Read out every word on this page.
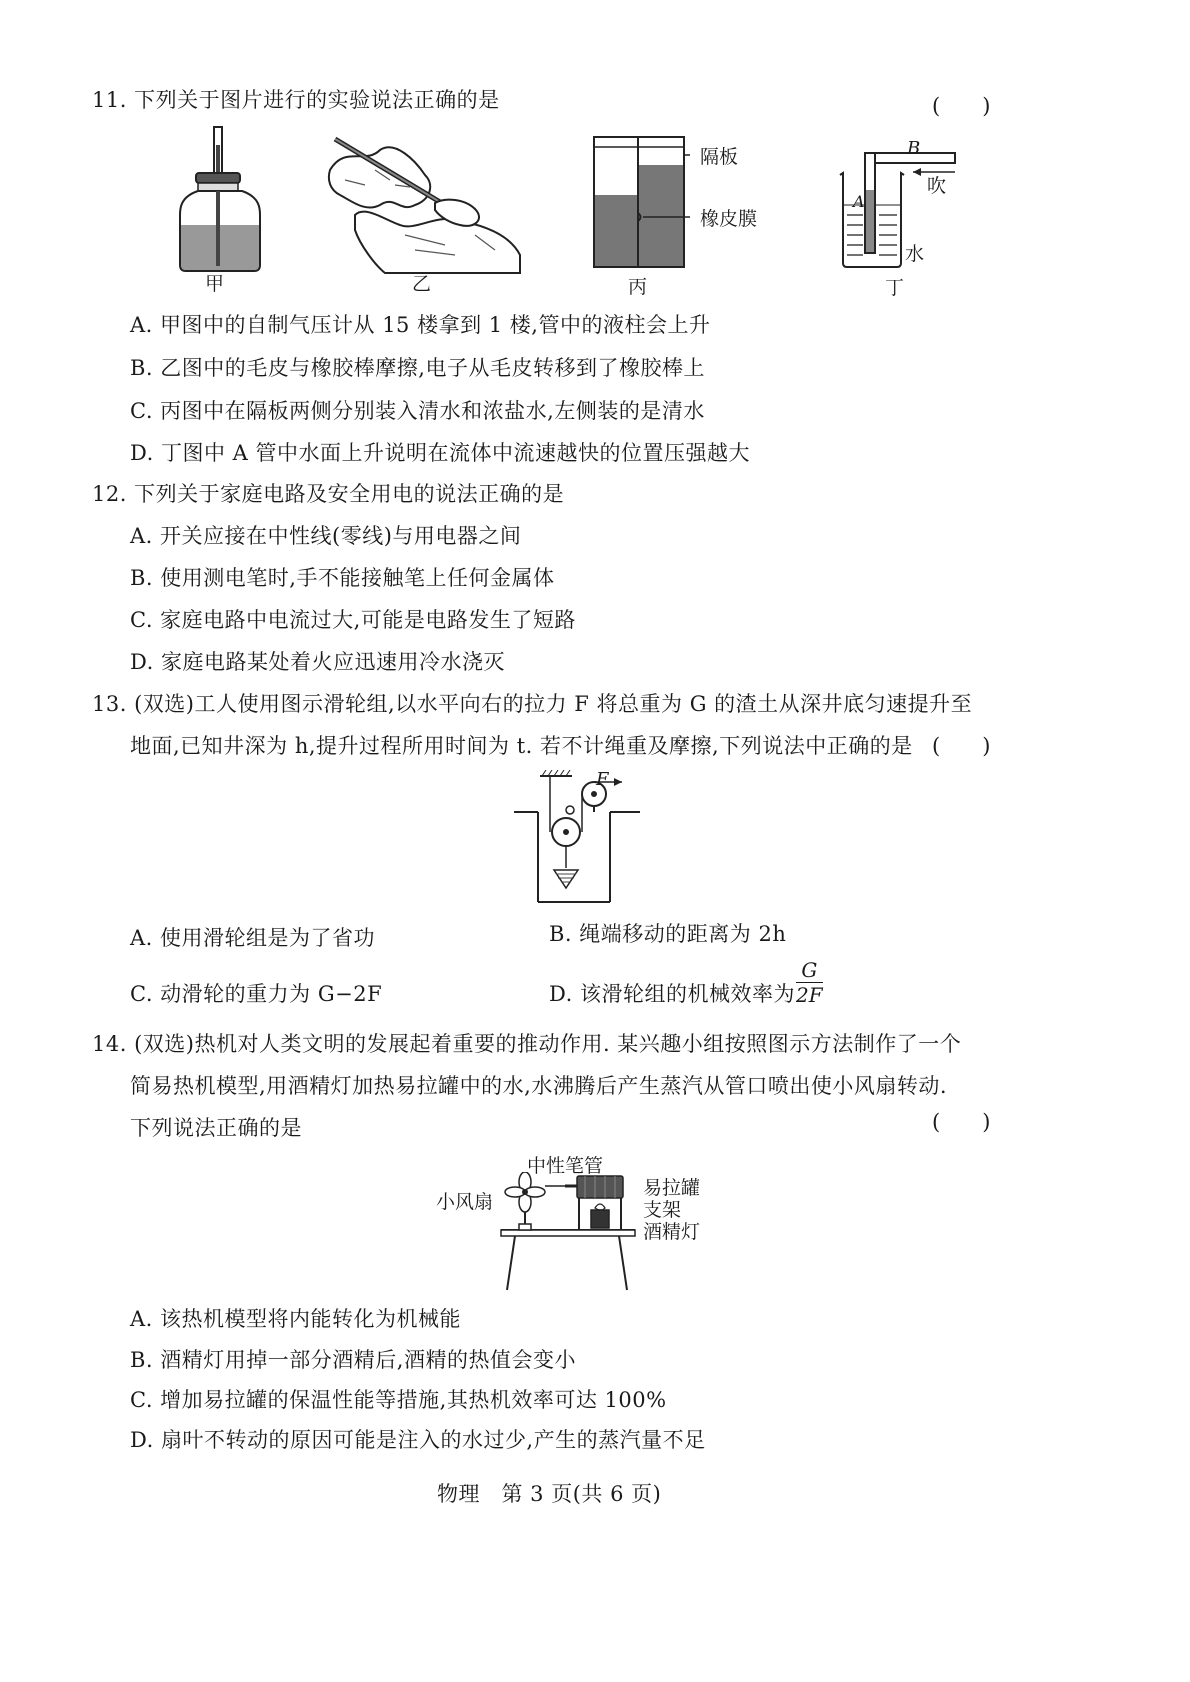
11. 下列关于图片进行的实验说法正确的是	(　　)
甲	乙
隔板
橡皮膜
丙
B
吹
A
水
丁
A. 甲图中的自制气压计从 15 楼拿到 1 楼,管中的液柱会上升
B. 乙图中的毛皮与橡胶棒摩擦,电子从毛皮转移到了橡胶棒上
C. 丙图中在隔板两侧分别装入清水和浓盐水,左侧装的是清水
D. 丁图中 A 管中水面上升说明在流体中流速越快的位置压强越大
12. 下列关于家庭电路及安全用电的说法正确的是
A. 开关应接在中性线(零线)与用电器之间
B. 使用测电笔时,手不能接触笔上任何金属体
C. 家庭电路中电流过大,可能是电路发生了短路
D. 家庭电路某处着火应迅速用冷水浇灭
13. (双选)工人使用图示滑轮组,以水平向右的拉力 F 将总重为 G 的渣土从深井底匀速提升至
地面,已知井深为 h,提升过程所用时间为 t. 若不计绳重及摩擦,下列说法中正确的是 (　　)
F
A. 使用滑轮组是为了省功	B. 绳端移动的距离为 2h
C. 动滑轮的重力为 G−2F	D. 该滑轮组的机械效率为 $\frac{G}{2F}$
14. (双选)热机对人类文明的发展起着重要的推动作用. 某兴趣小组按照图示方法制作了一个
简易热机模型,用酒精灯加热易拉罐中的水,水沸腾后产生蒸汽从管口喷出使小风扇转动.
下列说法正确的是	(　　)
中性笔管
小风扇
易拉罐
支架
酒精灯
A. 该热机模型将内能转化为机械能
B. 酒精灯用掉一部分酒精后,酒精的热值会变小
C. 增加易拉罐的保温性能等措施,其热机效率可达 100%
D. 扇叶不转动的原因可能是注入的水过少,产生的蒸汽量不足
物理　第 3 页(共 6 页)
